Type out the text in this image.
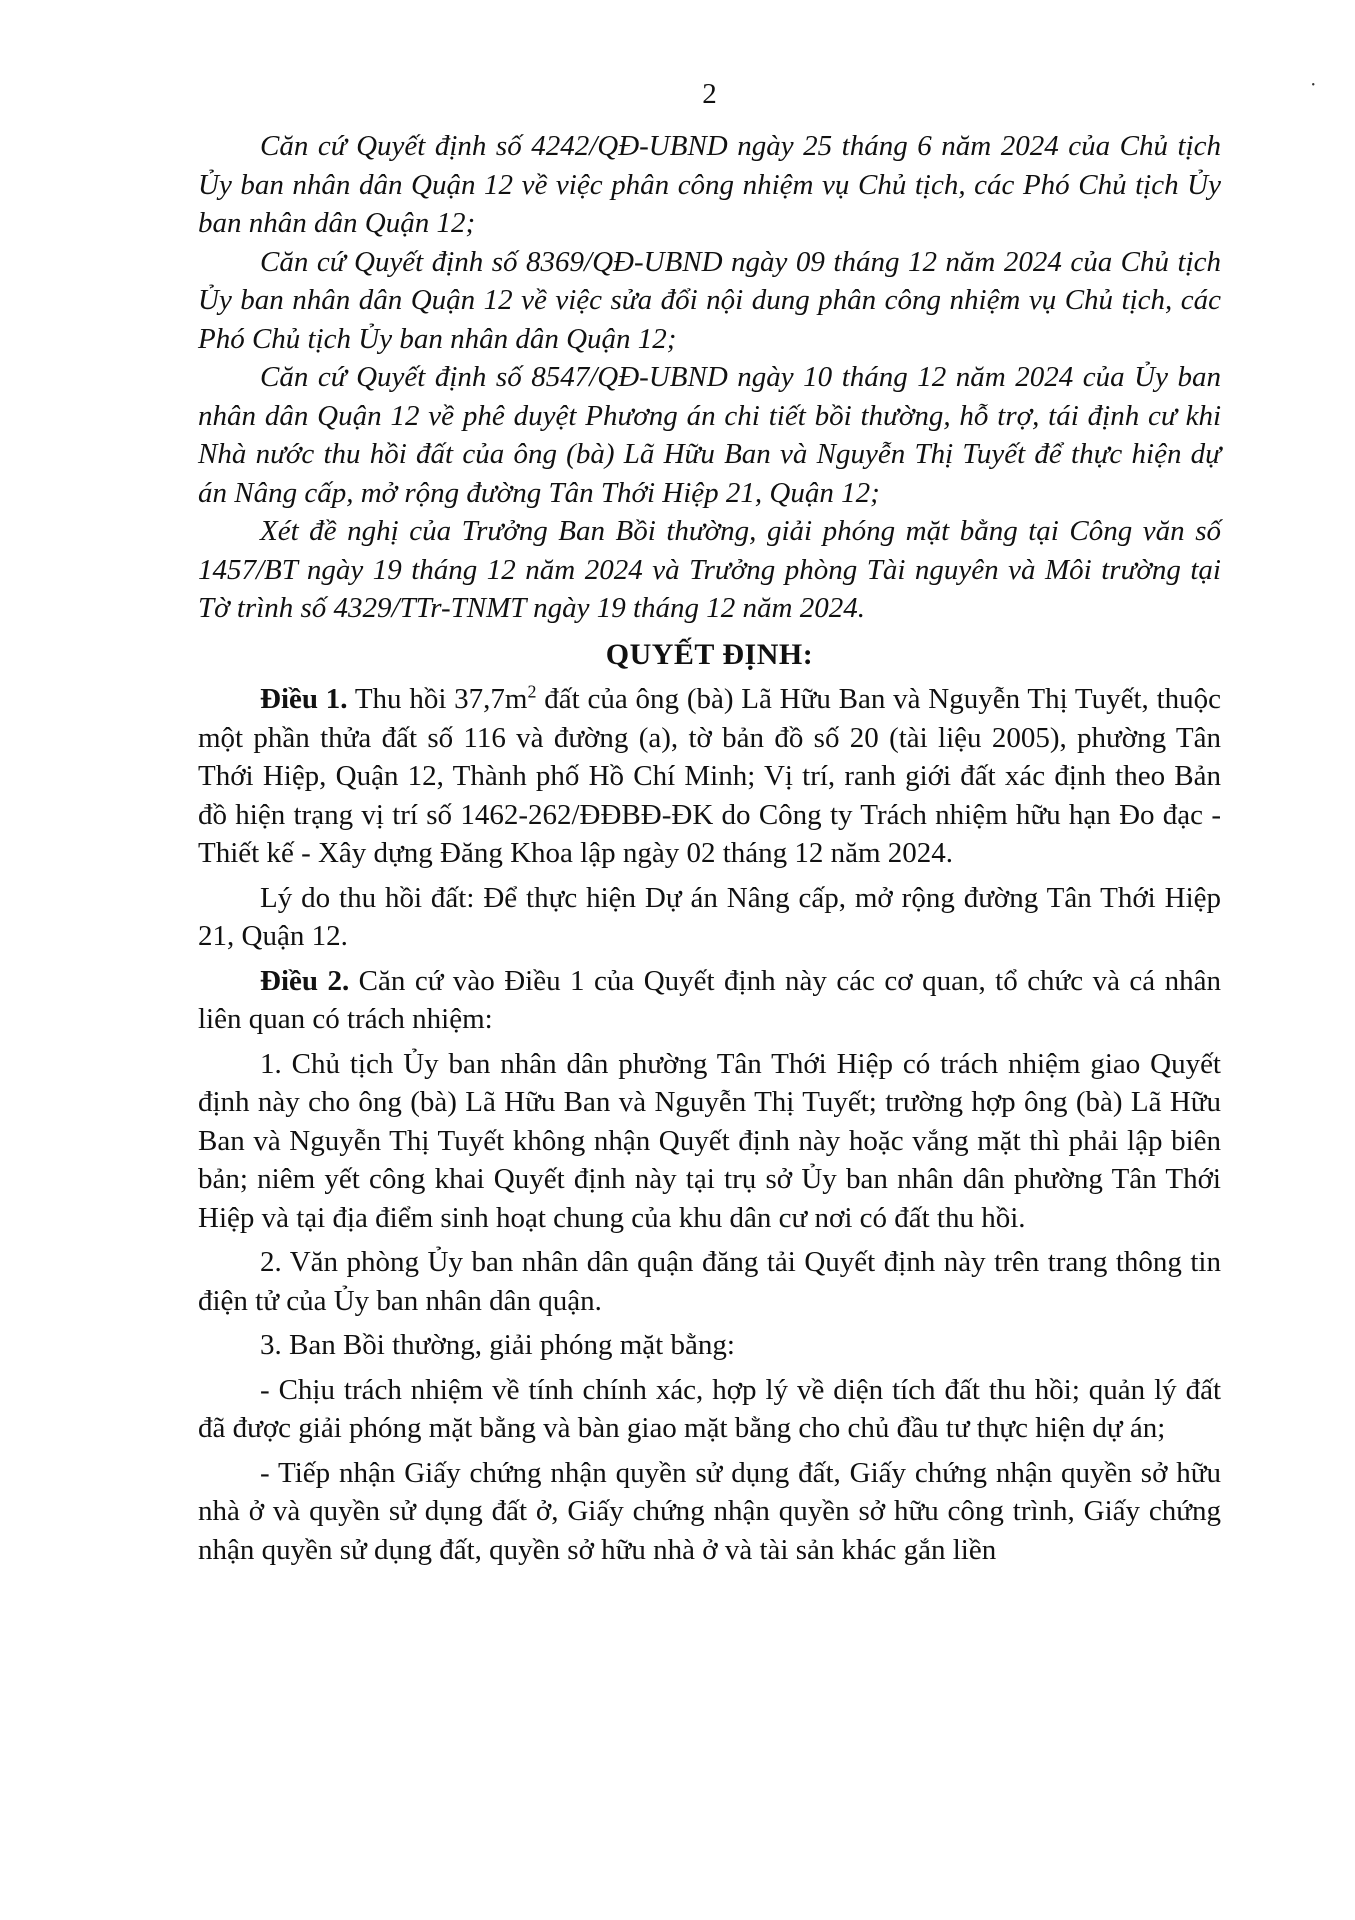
2

Căn cứ Quyết định số 4242/QĐ-UBND ngày 25 tháng 6 năm 2024 của Chủ tịch Ủy ban nhân dân Quận 12 về việc phân công nhiệm vụ Chủ tịch, các Phó Chủ tịch Ủy ban nhân dân Quận 12;

Căn cứ Quyết định số 8369/QĐ-UBND ngày 09 tháng 12 năm 2024 của Chủ tịch Ủy ban nhân dân Quận 12 về việc sửa đổi nội dung phân công nhiệm vụ Chủ tịch, các Phó Chủ tịch Ủy ban nhân dân Quận 12;

Căn cứ Quyết định số 8547/QĐ-UBND ngày 10 tháng 12 năm 2024 của Ủy ban nhân dân Quận 12 về phê duyệt Phương án chi tiết bồi thường, hỗ trợ, tái định cư khi Nhà nước thu hồi đất của ông (bà) Lã Hữu Ban và Nguyễn Thị Tuyết để thực hiện dự án Nâng cấp, mở rộng đường Tân Thới Hiệp 21, Quận 12;

Xét đề nghị của Trưởng Ban Bồi thường, giải phóng mặt bằng tại Công văn số 1457/BT ngày 19 tháng 12 năm 2024 và Trưởng phòng Tài nguyên và Môi trường tại Tờ trình số 4329/TTr-TNMT ngày 19 tháng 12 năm 2024.

QUYẾT ĐỊNH:

Điều 1. Thu hồi $37,7m^2$ đất của ông (bà) Lã Hữu Ban và Nguyễn Thị Tuyết, thuộc một phần thửa đất số 116 và đường (a), tờ bản đồ số 20 (tài liệu 2005), phường Tân Thới Hiệp, Quận 12, Thành phố Hồ Chí Minh; Vị trí, ranh giới đất xác định theo Bản đồ hiện trạng vị trí số 1462-262/ĐĐBĐ-ĐK do Công ty Trách nhiệm hữu hạn Đo đạc - Thiết kế - Xây dựng Đăng Khoa lập ngày 02 tháng 12 năm 2024.

Lý do thu hồi đất: Để thực hiện Dự án Nâng cấp, mở rộng đường Tân Thới Hiệp 21, Quận 12.

Điều 2. Căn cứ vào Điều 1 của Quyết định này các cơ quan, tổ chức và cá nhân liên quan có trách nhiệm:

1. Chủ tịch Ủy ban nhân dân phường Tân Thới Hiệp có trách nhiệm giao Quyết định này cho ông (bà) Lã Hữu Ban và Nguyễn Thị Tuyết; trường hợp ông (bà) Lã Hữu Ban và Nguyễn Thị Tuyết không nhận Quyết định này hoặc vắng mặt thì phải lập biên bản; niêm yết công khai Quyết định này tại trụ sở Ủy ban nhân dân phường Tân Thới Hiệp và tại địa điểm sinh hoạt chung của khu dân cư nơi có đất thu hồi.

2. Văn phòng Ủy ban nhân dân quận đăng tải Quyết định này trên trang thông tin điện tử của Ủy ban nhân dân quận.

3. Ban Bồi thường, giải phóng mặt bằng:

- Chịu trách nhiệm về tính chính xác, hợp lý về diện tích đất thu hồi; quản lý đất đã được giải phóng mặt bằng và bàn giao mặt bằng cho chủ đầu tư thực hiện dự án;

- Tiếp nhận Giấy chứng nhận quyền sử dụng đất, Giấy chứng nhận quyền sở hữu nhà ở và quyền sử dụng đất ở, Giấy chứng nhận quyền sở hữu công trình, Giấy chứng nhận quyền sử dụng đất, quyền sở hữu nhà ở và tài sản khác gắn liền

•
